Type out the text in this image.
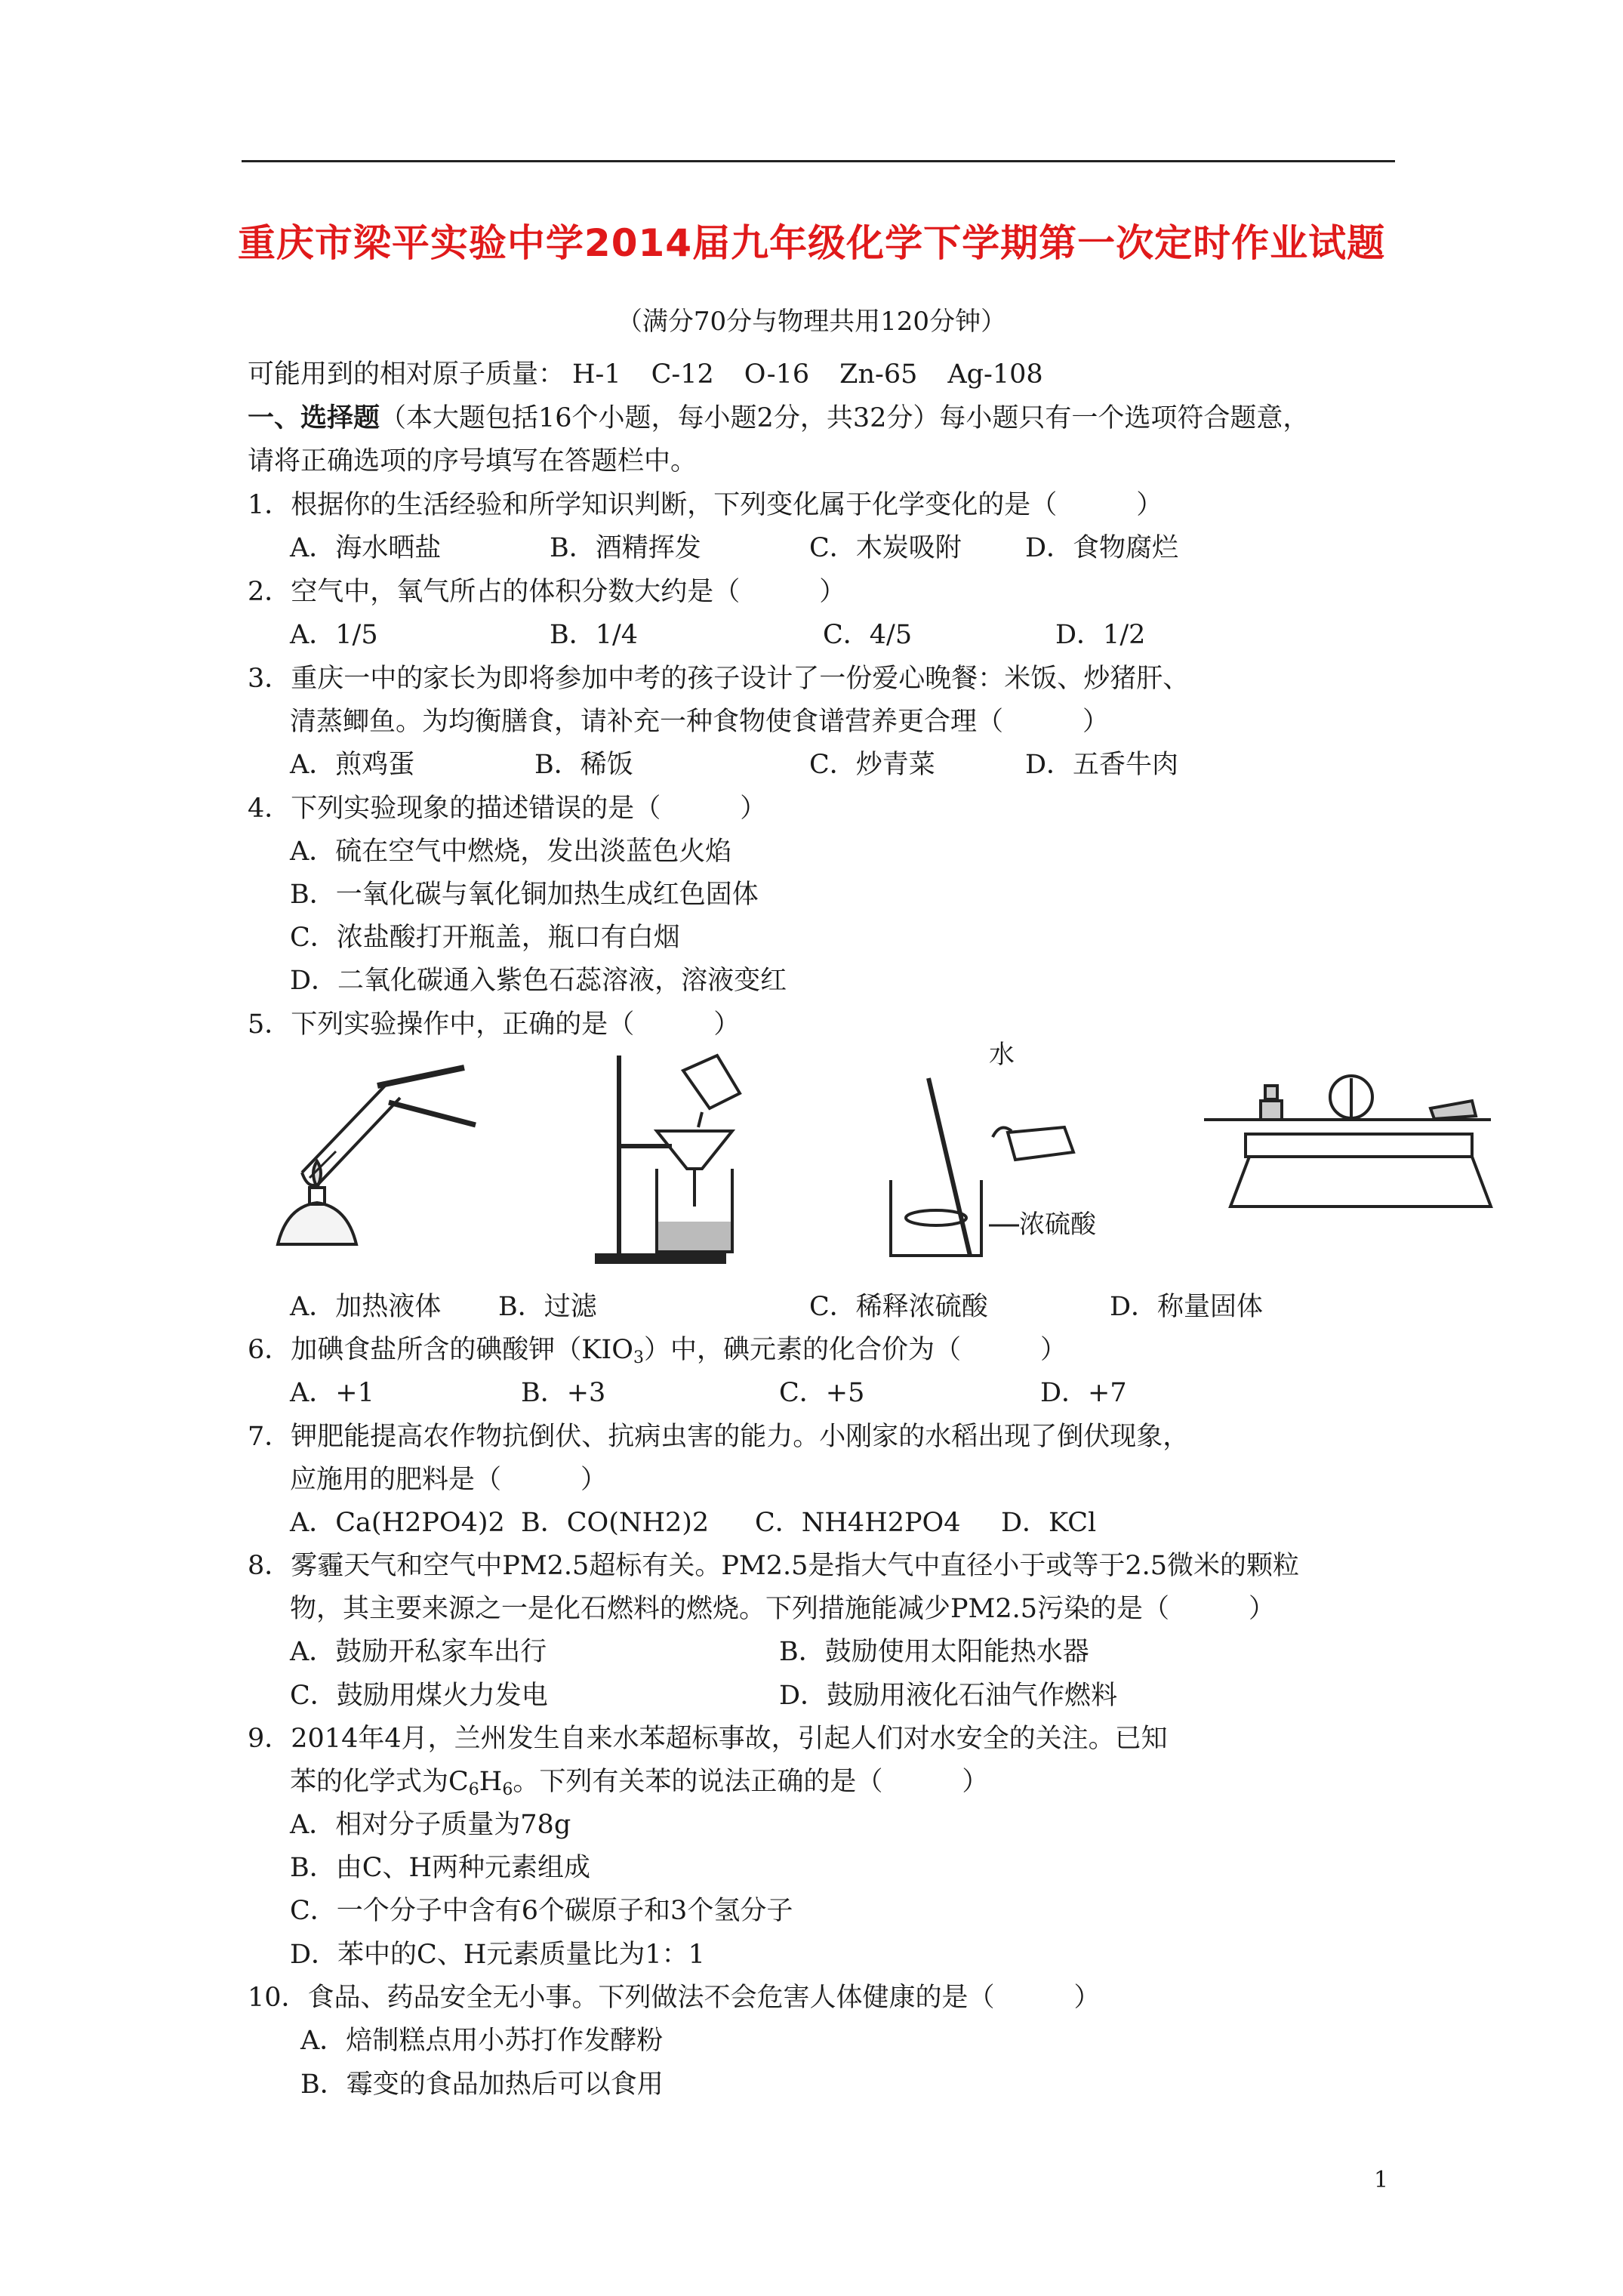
重庆市梁平实验中学2014届九年级化学下学期第一次定时作业试题
（满分70分与物理共用120分钟）
可能用到的相对原子质量： H-1 C-12 O-16 Zn-65 Ag-108
一、选择题（本大题包括16个小题，每小题2分，共32分）每小题只有一个选项符合题意，
请将正确选项的序号填写在答题栏中。
1．根据你的生活经验和所学知识判断，下列变化属于化学变化的是（　　　）
A．海水晒盐	B．酒精挥发	C．木炭吸附 D．食物腐烂
2．空气中，氧气所占的体积分数大约是（　　　）
A．1/5	B．1/4	C．4/5	D．1/2
3．重庆一中的家长为即将参加中考的孩子设计了一份爱心晚餐：米饭、炒猪肝、
清蒸鲫鱼。为均衡膳食，请补充一种食物使食谱营养更合理（　　　）
A．煎鸡蛋	B．稀饭	C．炒青菜	D．五香牛肉
4．下列实验现象的描述错误的是（　　　）
A．硫在空气中燃烧，发出淡蓝色火焰
B．一氧化碳与氧化铜加热生成红色固体
C．浓盐酸打开瓶盖，瓶口有白烟
D．二氧化碳通入紫色石蕊溶液，溶液变红
5．下列实验操作中，正确的是（　　　）
水
浓硫酸
A．加热液体 B．过滤	C．稀释浓硫酸	D．称量固体
6．加碘食盐所含的碘酸钾$(KIO_3)$中，碘元素的化合价为（　　　）
A．+1	B．+3	C．+5	D．+7
7．钾肥能提高农作物抗倒伏、抗病虫害的能力。小刚家的水稻出现了倒伏现象，
应施用的肥料是（　　　）
A．Ca(H2PO4)2 B．CO(NH2)2 C．NH4H2PO4 D．KCl
8．雾霾天气和空气中PM2.5超标有关。PM2.5是指大气中直径小于或等于2.5微米的颗粒
物，其主要来源之一是化石燃料的燃烧。下列措施能减少PM2.5污染的是（　　　）
A．鼓励开私家车出行	B．鼓励使用太阳能热水器
C．鼓励用煤火力发电	D．鼓励用液化石油气作燃料
9．2014年4月，兰州发生自来水苯超标事故，引起人们对水安全的关注。已知
苯的化学式为$C_6H_6$。下列有关苯的说法正确的是（　　　）
A．相对分子质量为78g
B．由C、H两种元素组成
C．一个分子中含有6个碳原子和3个氢分子
D．苯中的C、H元素质量比为1：1
10．食品、药品安全无小事。下列做法不会危害人体健康的是（　　　）
A．焙制糕点用小苏打作发酵粉
B．霉变的食品加热后可以食用
1
